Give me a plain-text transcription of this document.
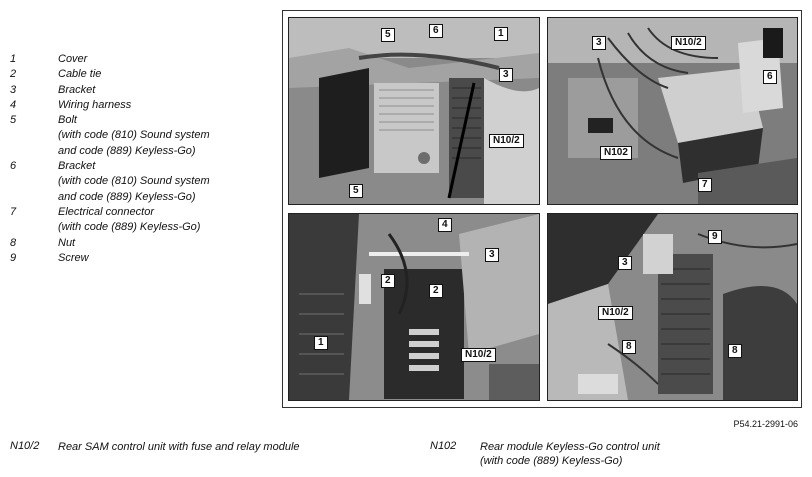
1	Cover
2	Cable tie
3	Bracket
4	Wiring harness
5	Bolt
(with code (810) Sound system
and code (889) Keyless-Go)
6	Bracket
(with code (810) Sound system
and code (889) Keyless-Go)
7	Electrical connector
(with code (889) Keyless-Go)
8	Nut
9	Screw
5	6	1
3
N10/2
5
3	N10/2
6
N102
7
4
2
3
2
1
N10/2
9
3
N10/2
8	8
P54.21-2991-06
N10/2 Rear SAM control unit with fuse and relay module	N102 Rear module Keyless-Go control unit
(with code (889) Keyless-Go)
